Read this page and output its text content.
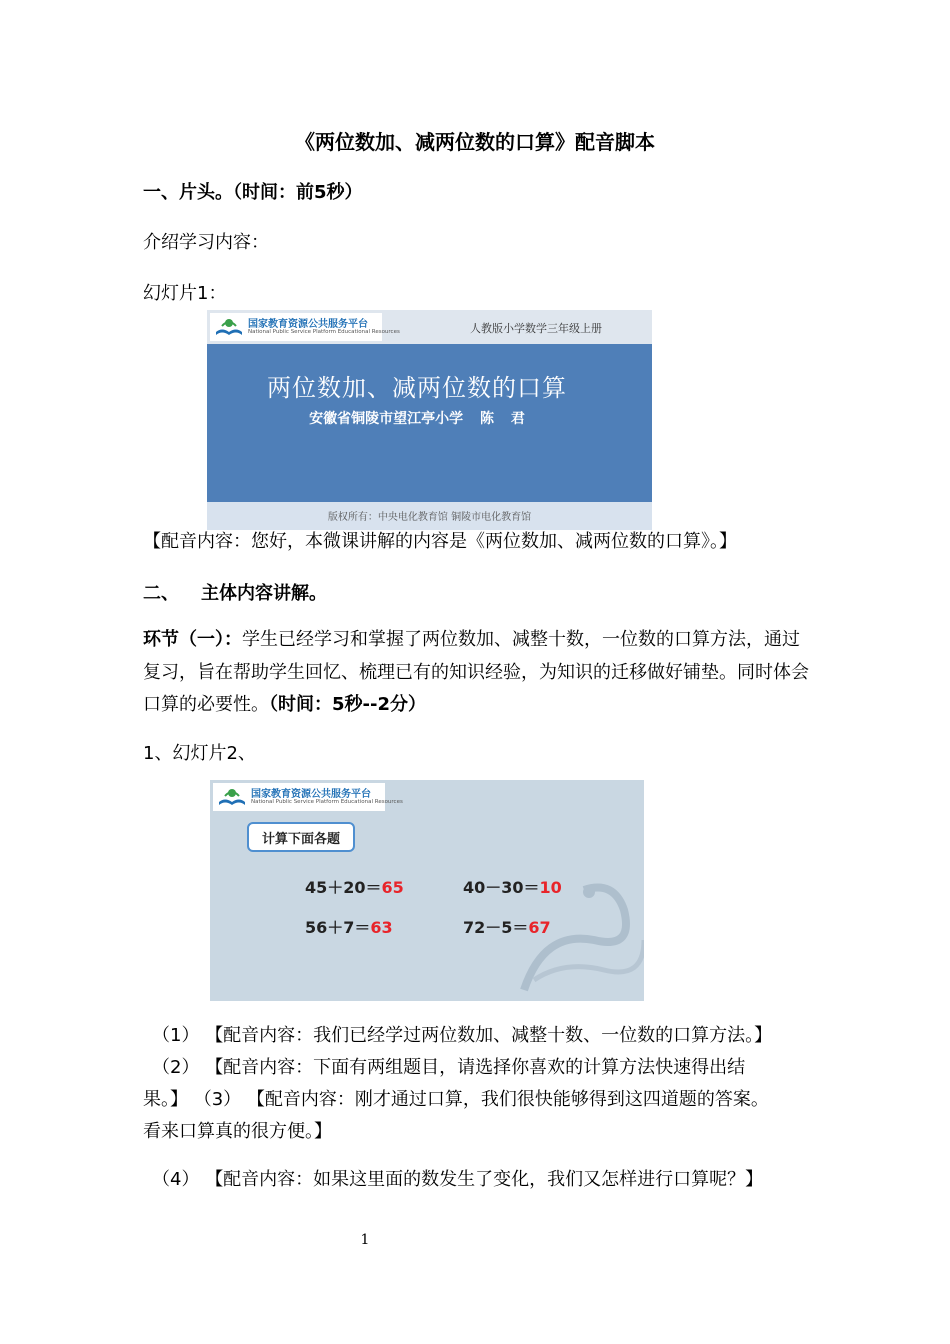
《两位数加、减两位数的口算》配音脚本
一、片头。（时间：前5秒）
介绍学习内容：
幻灯片1：
国家教育资源公共服务平台
National Public Service Platform Educational Resources	人教版小学数学三年级上册
两位数加、减两位数的口算
安徽省铜陵市望江亭小学 陈 君
版权所有：中央电化教育馆 铜陵市电化教育馆
【配音内容：您好，本微课讲解的内容是《两位数加、减两位数的口算》。】
二、 主体内容讲解。
环节（一）：学生已经学习和掌握了两位数加、减整十数，一位数的口算方法，通过复习，旨在帮助学生回忆、梳理已有的知识经验，为知识的迁移做好铺垫。同时体会口算的必要性。（时间：5秒--2分）
1、幻灯片2、
国家教育资源公共服务平台
National Public Service Platform Educational Resources
计算下面各题
45＋20＝65	40－30＝10
56＋7＝63	72－5＝67
（1） 【配音内容：我们已经学过两位数加、减整十数、一位数的口算方法。】
（2） 【配音内容：下面有两组题目，请选择你喜欢的计算方法快速得出结
果。】 （3） 【配音内容：刚才通过口算，我们很快能够得到这四道题的答案。
看来口算真的很方便。】
（4） 【配音内容：如果这里面的数发生了变化，我们又怎样进行口算呢？】
1
